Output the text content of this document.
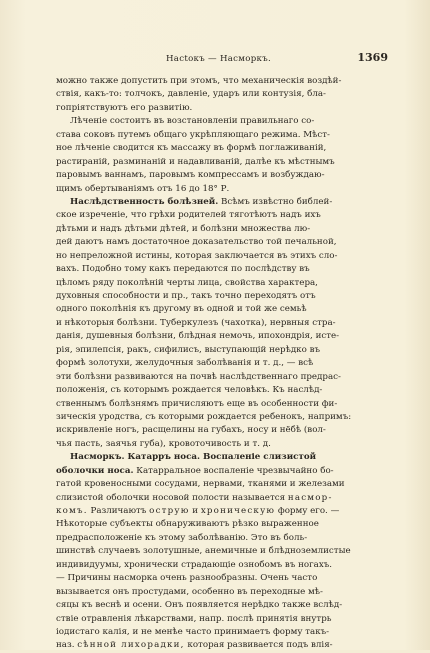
Насtокъ — Насморкъ.	1369
можно также допустить при этомъ, что механическія воздѣй-
ствія, какъ-то: толчокъ, давленіе, ударъ или контузія, бла-
гопріятствуютъ его развитію.
Лѣченіе состоитъ въ возстановленіи правильнаго со-
става соковъ путемъ общаго укрѣпляющаго режима. Мѣст-
ное лѣченіе сводится къ массажу въ формѣ поглаживаній,
растираній, разминаній и надавливаній, далѣе къ мѣстнымъ
паровымъ ваннамъ, паровымъ компрессамъ и возбуждаю-
щимъ обертываніямъ отъ 16 до 18° Р.
Наслѣдственность болѣзней. Всѣмъ извѣстно библей-
ское изреченіе, что грѣхи родителей тяготѣютъ надъ ихъ
дѣтьми и надъ дѣтьми дѣтей, и болѣзни множества лю-
дей даютъ намъ достаточное доказательство той печальной,
но непреложной истины, которая заключается въ этихъ сло-
вахъ. Подобно тому какъ передаются по послѣдству въ
цѣломъ ряду поколѣній черты лица, свойства характера,
духовныя способности и пр., такъ точно переходятъ отъ
одного поколѣнія къ другому въ одной и той же семьѣ
и нѣкоторыя болѣзни. Туберкулезъ (чахотка), нервныя стра-
данія, душевныя болѣзни, блѣдная немочь, ипохондрія, исте-
рія, эпилепсія, ракъ, сифилисъ, выступающій нерѣдко въ
формѣ золотухи, желудочныя заболѣванія и т. д., — всѣ
эти болѣзни развиваются на почвѣ наслѣдственнаго предрас-
положенія, съ которымъ рождается человѣкъ. Къ наслѣд-
ственнымъ болѣзнямъ причисляютъ еще въ особенности фи-
зическія уродства, съ которыми рождается ребенокъ, напримъ:
искривленіе ногъ, расщелины на губахъ, носу и нёбѣ (вол-
чья пасть, заячья губа), кровоточивость и т. д.
Насморкъ. Катарръ носа. Воспаленіе слизистой
оболочки носа. Катарральное воспаленіе чрезвычайно бо-
гатой кровеносными сосудами, нервами, тканями и железами
слизистой оболочки носовой полости называется насмор-
комъ. Различаютъ острую и хроническую форму его. —
Нѣкоторые субъекты обнаруживаютъ рѣзко выраженное
предрасположеніе къ этому заболѣванію. Это въ боль-
шинствѣ случаевъ золотушные, анемичные и блѣдноземлистые
индивидуумы, хронически страдающіе ознобомъ въ ногахъ.
— Причины насморка очень разнообразны. Очень часто
вызывается онъ простудами, особенно въ переходные мѣ-
сяцы къ веснѣ и осени. Онъ появляется нерѣдко также вслѣд-
ствіе отравленія лѣкарствами, напр. послѣ принятія внутрь
іодистаго калія, и не менѣе часто принимаетъ форму такъ-
наз. сѣнной лихорадки, которая развивается подъ влія-
